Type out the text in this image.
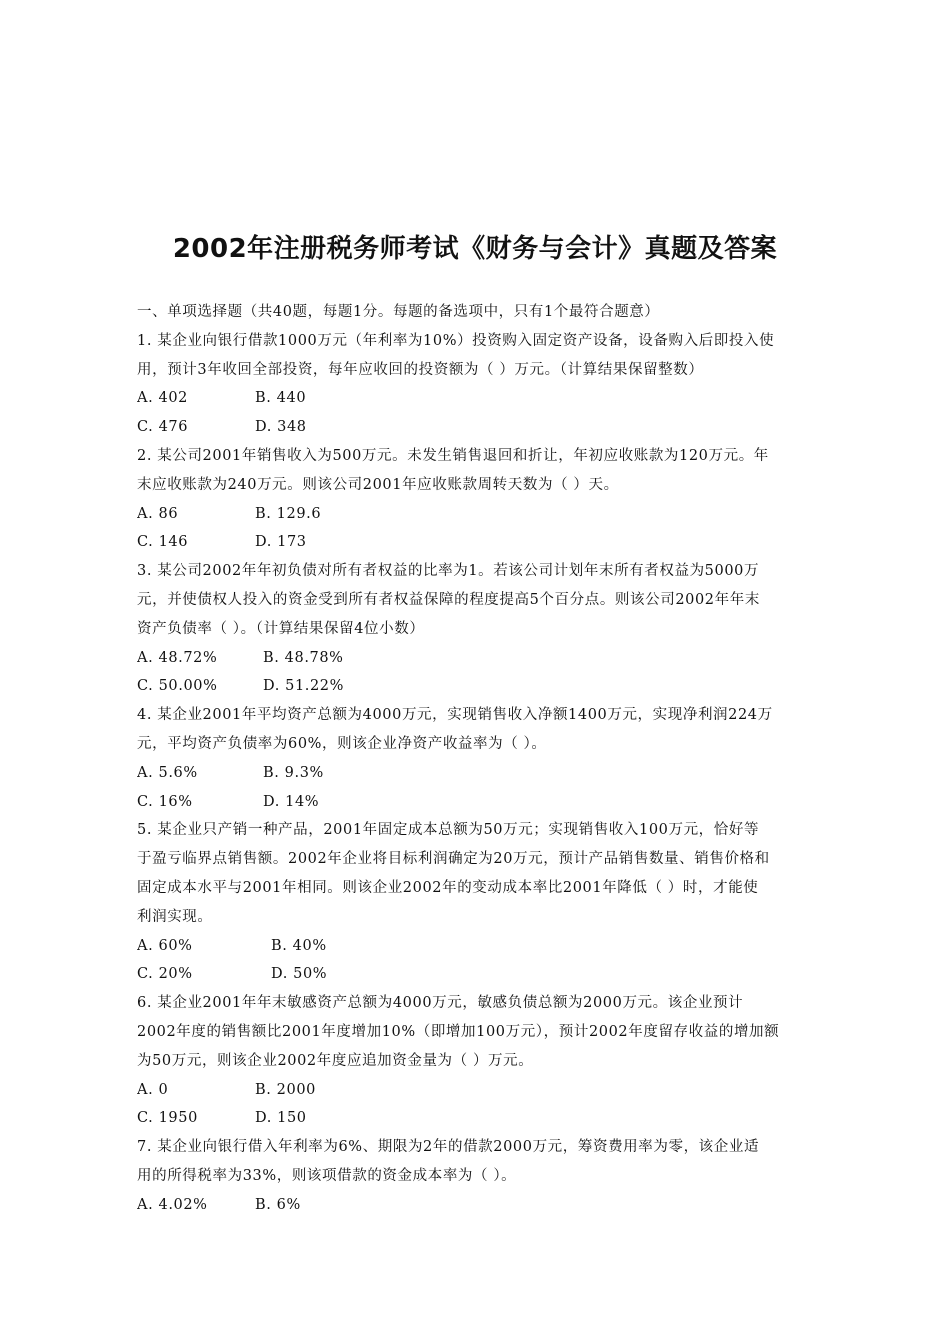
2002年注册税务师考试《财务与会计》真题及答案
一、单项选择题（共40题，每题1分。每题的备选项中，只有1个最符合题意）
1. 某企业向银行借款1000万元（年利率为10%）投资购入固定资产设备，设备购入后即投入使
用，预计3年收回全部投资，每年应收回的投资额为（ ）万元。（计算结果保留整数）
A. 402	B. 440
C. 476	D. 348
2. 某公司2001年销售收入为500万元。未发生销售退回和折让，年初应收账款为120万元。年
末应收账款为240万元。则该公司2001年应收账款周转天数为（ ）天。
A. 86	B. 129.6
C. 146	D. 173
3. 某公司2002年年初负债对所有者权益的比率为1。若该公司计划年末所有者权益为5000万
元，并使债权人投入的资金受到所有者权益保障的程度提高5个百分点。则该公司2002年年末
资产负债率（ ）。（计算结果保留4位小数）
A. 48.72%	B. 48.78%
C. 50.00%	D. 51.22%
4. 某企业2001年平均资产总额为4000万元，实现销售收入净额1400万元，实现净利润224万
元，平均资产负债率为60%，则该企业净资产收益率为（ ）。
A. 5.6%	B. 9.3%
C. 16%	D. 14%
5. 某企业只产销一种产品，2001年固定成本总额为50万元；实现销售收入100万元，恰好等
于盈亏临界点销售额。2002年企业将目标利润确定为20万元，预计产品销售数量、销售价格和
固定成本水平与2001年相同。则该企业2002年的变动成本率比2001年降低（ ）时，才能使
利润实现。
A. 60%	B. 40%
C. 20%	D. 50%
6. 某企业2001年年末敏感资产总额为4000万元，敏感负债总额为2000万元。该企业预计
2002年度的销售额比2001年度增加10%（即增加100万元），预计2002年度留存收益的增加额
为50万元，则该企业2002年度应追加资金量为（ ）万元。
A. 0	B. 2000
C. 1950	D. 150
7. 某企业向银行借入年利率为6%、期限为2年的借款2000万元，筹资费用率为零，该企业适
用的所得税率为33%，则该项借款的资金成本率为（ ）。
A. 4.02%	B. 6%
